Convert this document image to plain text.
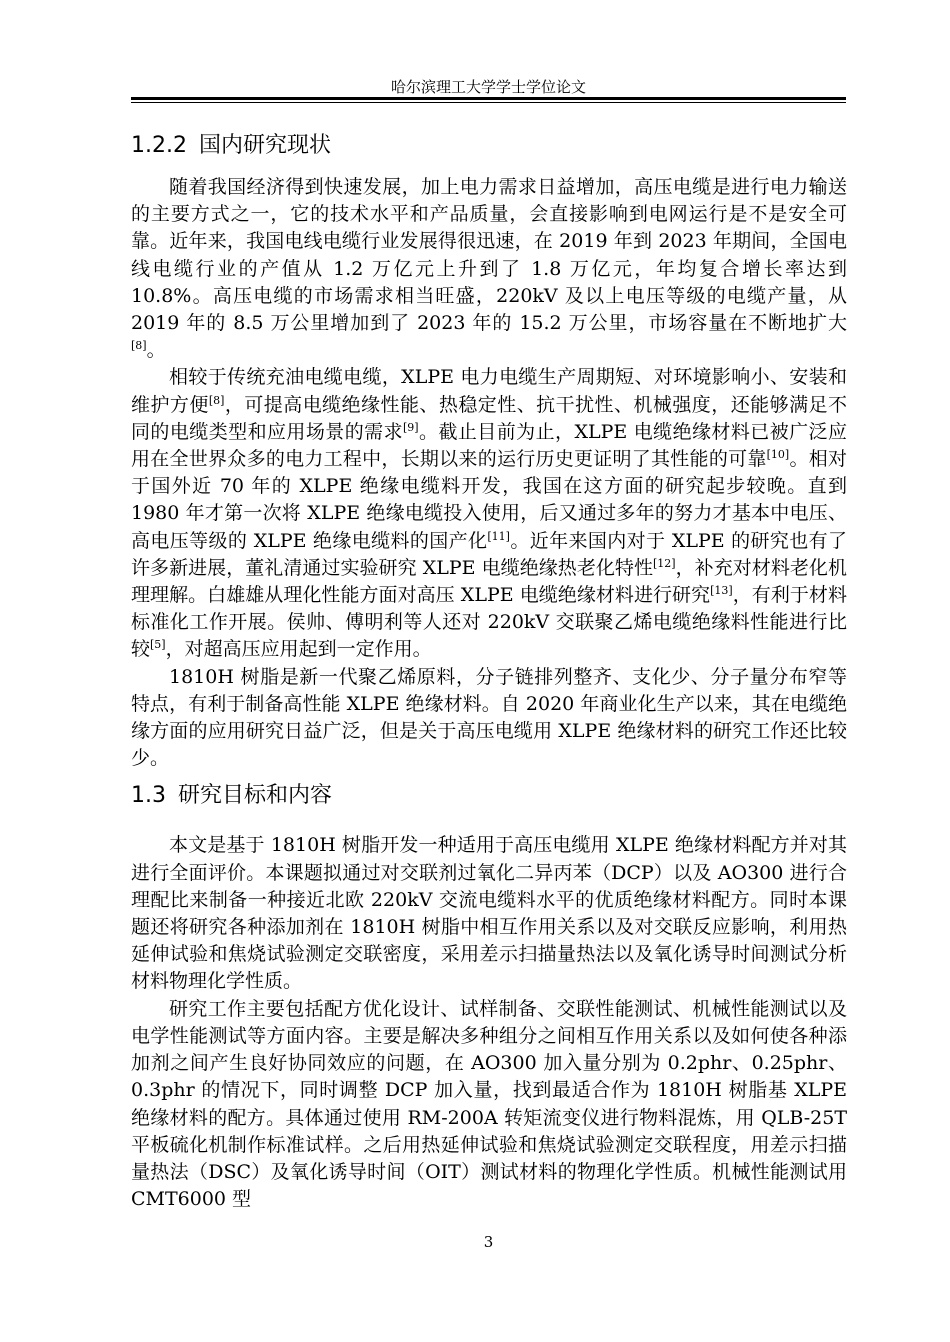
哈尔滨理工大学学士学位论文
1.2.2 国内研究现状

随着我国经济得到快速发展，加上电力需求日益增加，高压电缆是进行电力输送的主要方式之一，它的技术水平和产品质量，会直接影响到电网运行是不是安全可靠。近年来，我国电线电缆行业发展得很迅速，在 2019 年到 2023 年期间，全国电线电缆行业的产值从 1.2 万亿元上升到了 1.8 万亿元，年均复合增长率达到 10.8%。高压电缆的市场需求相当旺盛，220kV 及以上电压等级的电缆产量，从 2019 年的 8.5 万公里增加到了 2023 年的 15.2 万公里，市场容量在不断地扩大[8]。

相较于传统充油电缆电缆，XLPE 电力电缆生产周期短、对环境影响小、安装和维护方便[8]，可提高电缆绝缘性能、热稳定性、抗干扰性、机械强度，还能够满足不同的电缆类型和应用场景的需求[9]。截止目前为止，XLPE 电缆绝缘材料已被广泛应用在全世界众多的电力工程中，长期以来的运行历史更证明了其性能的可靠[10]。相对于国外近 70 年的 XLPE 绝缘电缆料开发，我国在这方面的研究起步较晚。直到 1980 年才第一次将 XLPE 绝缘电缆投入使用，后又通过多年的努力才基本中电压、高电压等级的 XLPE 绝缘电缆料的国产化[11]。近年来国内对于 XLPE 的研究也有了许多新进展，董礼清通过实验研究 XLPE 电缆绝缘热老化特性[12]，补充对材料老化机理理解。白雄雄从理化性能方面对高压 XLPE 电缆绝缘材料进行研究[13]，有利于材料标准化工作开展。侯帅、傅明利等人还对 220kV 交联聚乙烯电缆绝缘料性能进行比较[5]，对超高压应用起到一定作用。

1810H 树脂是新一代聚乙烯原料，分子链排列整齐、支化少、分子量分布窄等特点，有利于制备高性能 XLPE 绝缘材料。自 2020 年商业化生产以来，其在电缆绝缘方面的应用研究日益广泛，但是关于高压电缆用 XLPE 绝缘材料的研究工作还比较少。

1.3 研究目标和内容

本文是基于 1810H 树脂开发一种适用于高压电缆用 XLPE 绝缘材料配方并对其进行全面评价。本课题拟通过对交联剂过氧化二异丙苯（DCP）以及 AO300 进行合理配比来制备一种接近北欧 220kV 交流电缆料水平的优质绝缘材料配方。同时本课题还将研究各种添加剂在 1810H 树脂中相互作用关系以及对交联反应影响，利用热延伸试验和焦烧试验测定交联密度，采用差示扫描量热法以及氧化诱导时间测试分析材料物理化学性质。

研究工作主要包括配方优化设计、试样制备、交联性能测试、机械性能测试以及电学性能测试等方面内容。主要是解决多种组分之间相互作用关系以及如何使各种添加剂之间产生良好协同效应的问题，在 AO300 加入量分别为 0.2phr、0.25phr、0.3phr 的情况下，同时调整 DCP 加入量，找到最适合作为 1810H 树脂基 XLPE 绝缘材料的配方。具体通过使用 RM-200A 转矩流变仪进行物料混炼，用 QLB-25T 平板硫化机制作标准试样。之后用热延伸试验和焦烧试验测定交联程度，用差示扫描量热法（DSC）及氧化诱导时间（OIT）测试材料的物理化学性质。机械性能测试用 CMT6000 型

3
